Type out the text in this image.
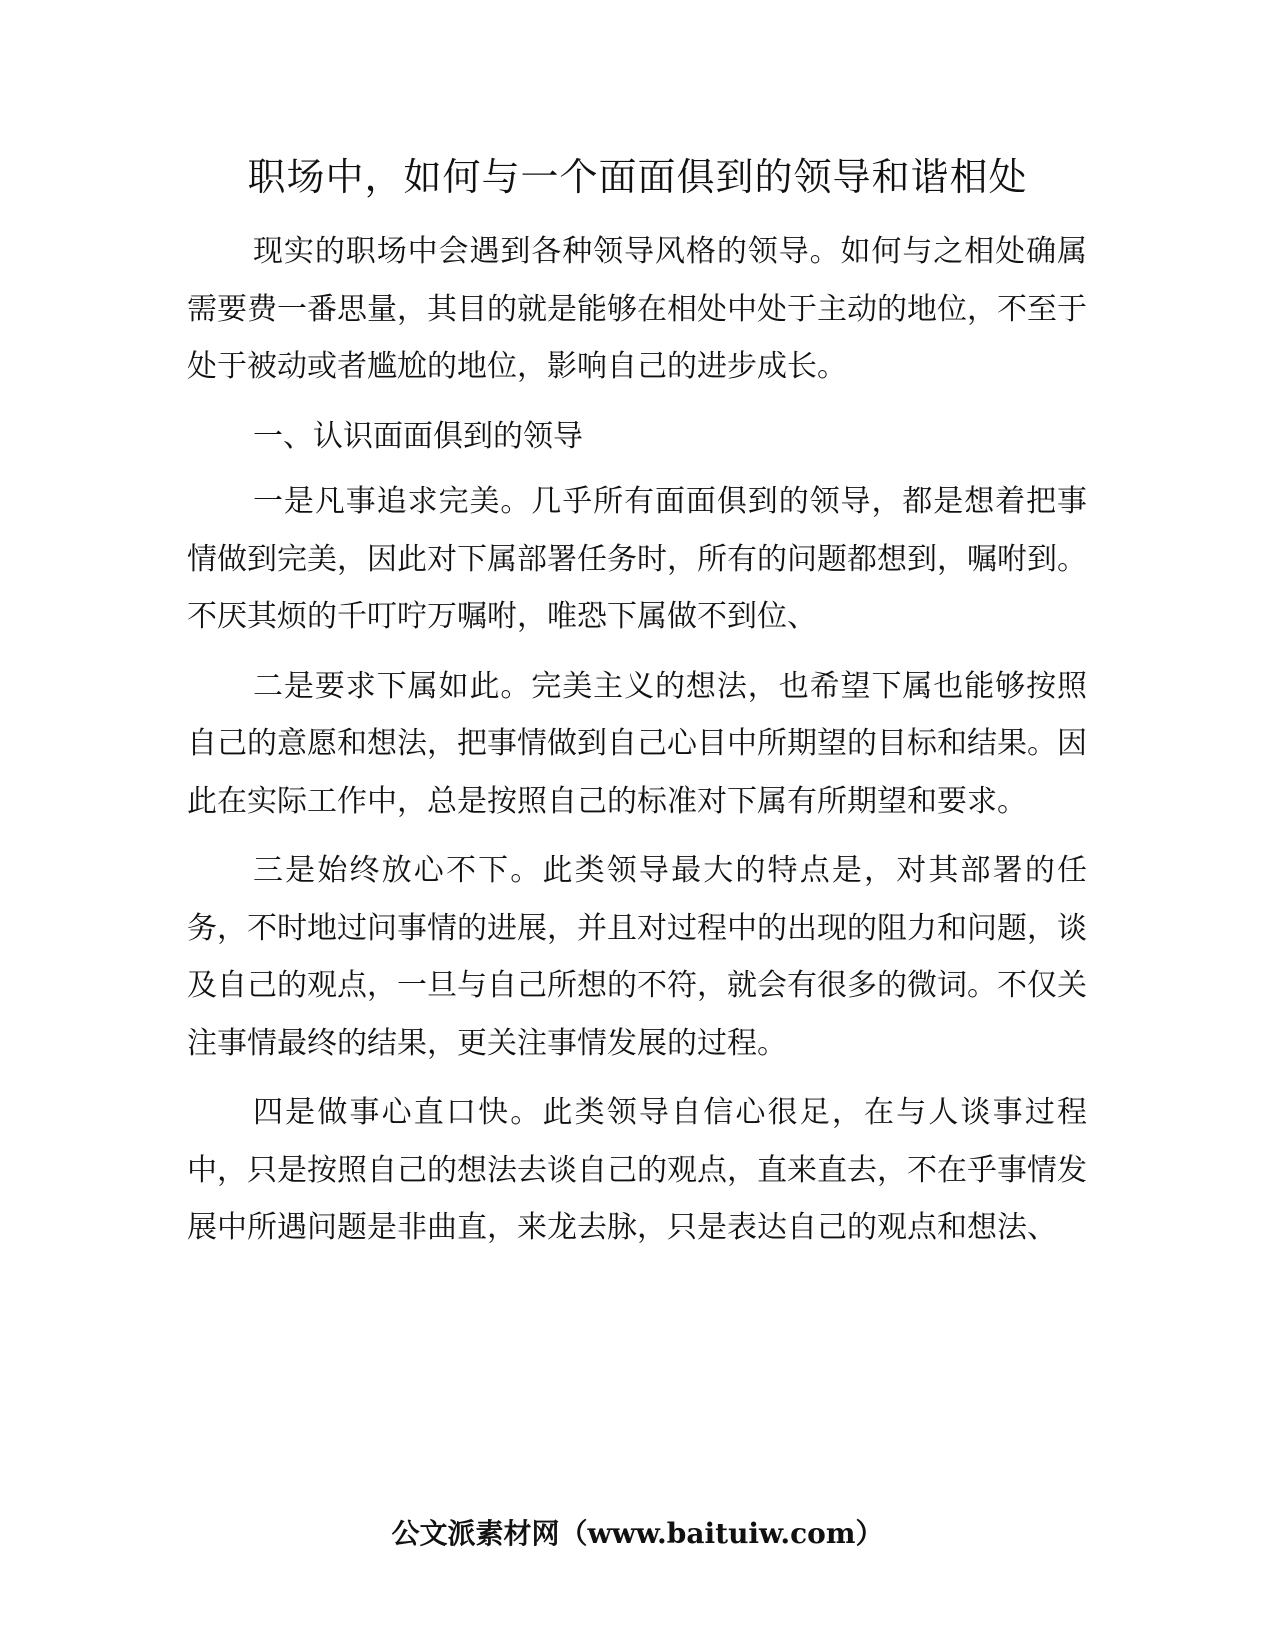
职场中，如何与一个面面俱到的领导和谐相处

现实的职场中会遇到各种领导风格的领导。如何与之相处确属需要费一番思量，其目的就是能够在相处中处于主动的地位，不至于处于被动或者尴尬的地位，影响自己的进步成长。

一、认识面面俱到的领导

一是凡事追求完美。几乎所有面面俱到的领导，都是想着把事情做到完美，因此对下属部署任务时，所有的问题都想到，嘱咐到。不厌其烦的千叮咛万嘱咐，唯恐下属做不到位、

二是要求下属如此。完美主义的想法，也希望下属也能够按照自己的意愿和想法，把事情做到自己心目中所期望的目标和结果。因此在实际工作中，总是按照自己的标准对下属有所期望和要求。

三是始终放心不下。此类领导最大的特点是，对其部署的任务，不时地过问事情的进展，并且对过程中的出现的阻力和问题，谈及自己的观点，一旦与自己所想的不符，就会有很多的微词。不仅关注事情最终的结果，更关注事情发展的过程。

四是做事心直口快。此类领导自信心很足，在与人谈事过程中，只是按照自己的想法去谈自己的观点，直来直去，不在乎事情发展中所遇问题是非曲直，来龙去脉，只是表达自己的观点和想法、

公文派素材网（www.baituiw.com）
